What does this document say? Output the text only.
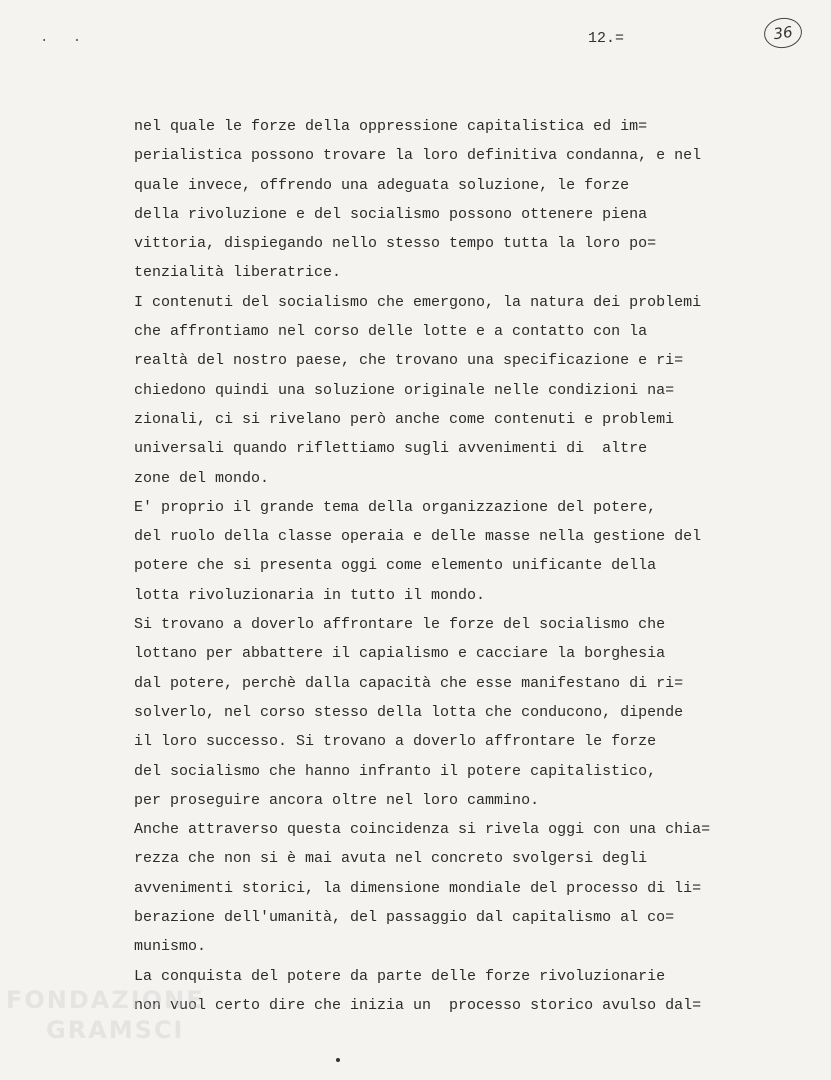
. .	12.=	36
nel quale le forze della oppressione capitalistica ed im=
perialistica possono trovare la loro definitiva condanna, e nel
quale invece, offrendo una adeguata soluzione, le forze
della rivoluzione e del socialismo possono ottenere piena
vittoria, dispiegando nello stesso tempo tutta la loro po=
tenzialità liberatrice.
I contenuti del socialismo che emergono, la natura dei problemi
che affrontiamo nel corso delle lotte e a contatto con la
realtà del nostro paese, che trovano una specificazione e ri=
chiedono quindi una soluzione originale nelle condizioni na=
zionali, ci si rivelano però anche come contenuti e problemi
universali quando riflettiamo sugli avvenimenti di  altre
zone del mondo.
E' proprio il grande tema della organizzazione del potere,
del ruolo della classe operaia e delle masse nella gestione del
potere che si presenta oggi come elemento unificante della
lotta rivoluzionaria in tutto il mondo.
Si trovano a doverlo affrontare le forze del socialismo che
lottano per abbattere il capialismo e cacciare la borghesia
dal potere, perchè dalla capacità che esse manifestano di ri=
solverlo, nel corso stesso della lotta che conducono, dipende
il loro successo. Si trovano a doverlo affrontare le forze
del socialismo che hanno infranto il potere capitalistico,
per proseguire ancora oltre nel loro cammino.
Anche attraverso questa coincidenza si rivela oggi con una chia=
rezza che non si è mai avuta nel concreto svolgersi degli
avvenimenti storici, la dimensione mondiale del processo di li=
berazione dell'umanità, del passaggio dal capitalismo al co=
munismo.
La conquista del potere da parte delle forze rivoluzionarie
non vuol certo dire che inizia un  processo storico avulso dal=
FONDAZIONE
GRAMSCI
